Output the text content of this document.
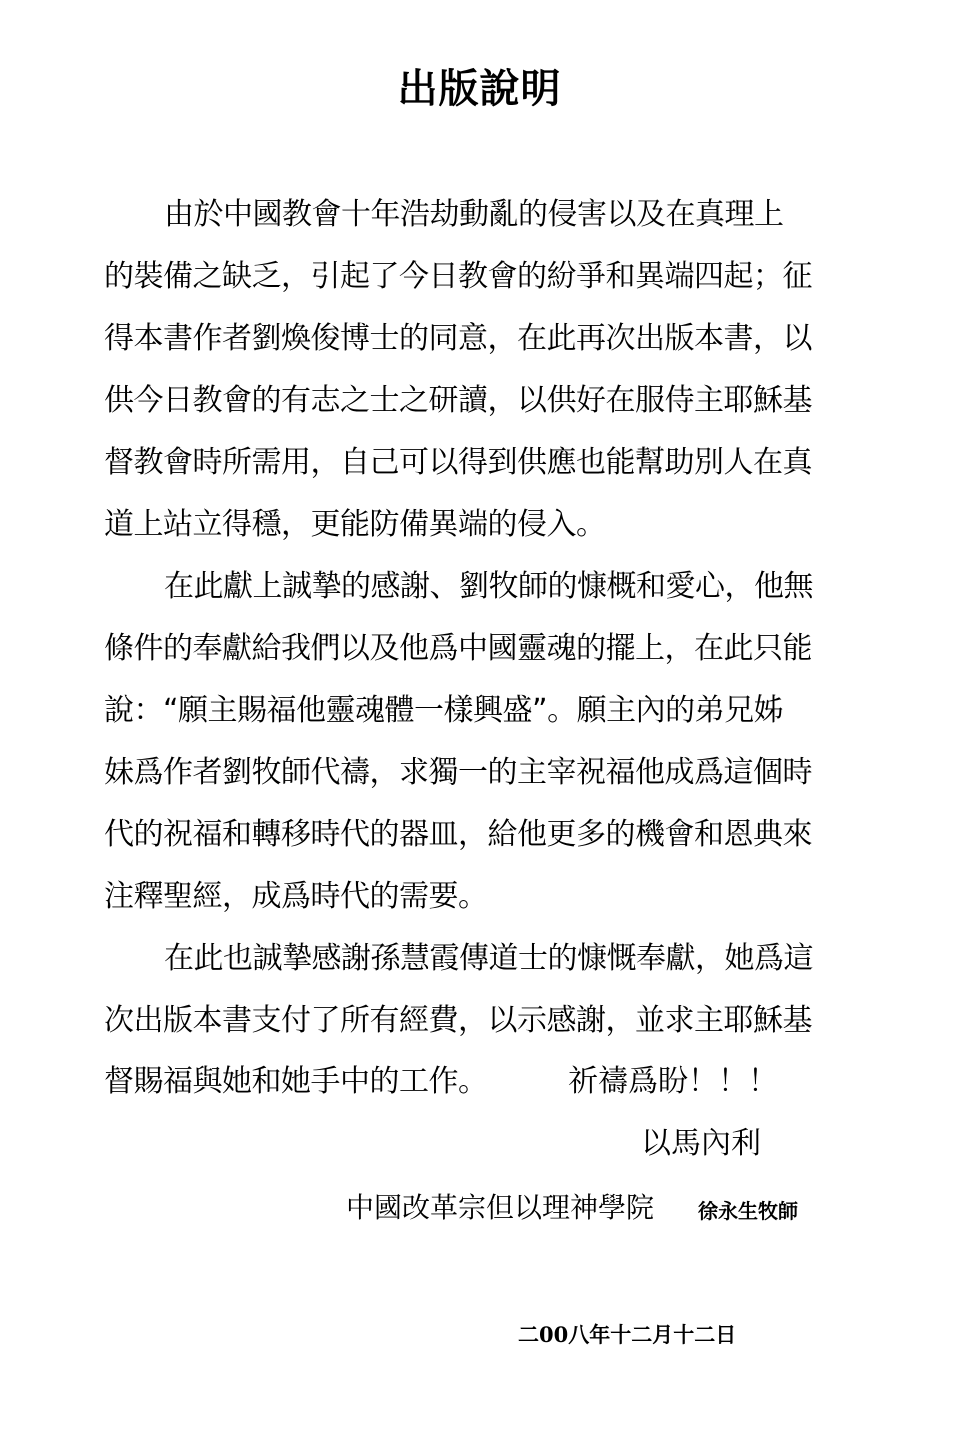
出版說明
由於中國教會十年浩劫動亂的侵害以及在真理上
的裝備之缺乏，引起了今日教會的紛爭和異端四起；征
得本書作者劉煥俊博士的同意，在此再次出版本書，以
供今日教會的有志之士之研讀，以供好在服侍主耶穌基
督教會時所需用，自己可以得到供應也能幫助別人在真
道上站立得穩，更能防備異端的侵入。
在此獻上誠摯的感謝、劉牧師的慷概和愛心，他無
條件的奉獻給我們以及他爲中國靈魂的擺上，在此只能
說：“願主賜福他靈魂體一樣興盛”。願主內的弟兄姊
妹爲作者劉牧師代禱，求獨一的主宰祝福他成爲這個時
代的祝福和轉移時代的器皿，給他更多的機會和恩典來
注釋聖經，成爲時代的需要。
在此也誠摯感謝孫慧霞傳道士的慷慨奉獻，她爲這
次出版本書支付了所有經費，以示感謝，並求主耶穌基
督賜福與她和她手中的工作。	祈禱爲盼！！！
以馬內利
中國改革宗但以理神學院 徐永生牧師
二00八年十二月十二日
